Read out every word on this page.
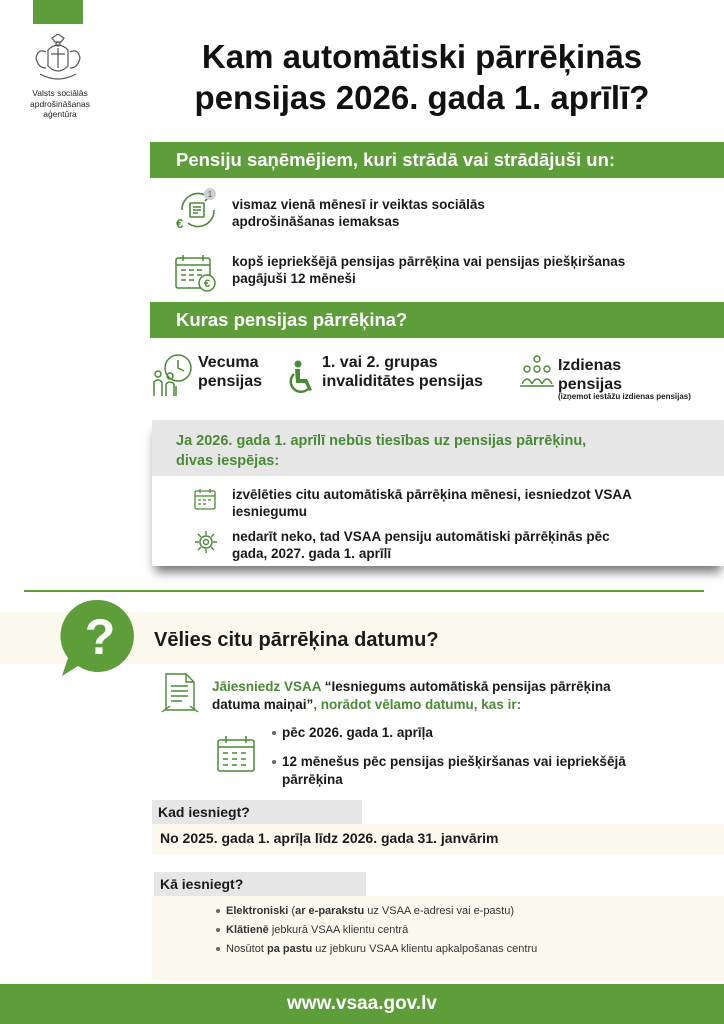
Valsts sociālās
apdrošināšanas
aģentūra
Kam automātiski pārrēķinās
pensijas 2026. gada 1. aprīlī?
Pensiju saņēmējiem, kuri strādā vai strādājuši un:
1
€
vismaz vienā mēnesī ir veiktas sociālās
apdrošināšanas iemaksas
€
kopš iepriekšējā pensijas pārrēķina vai pensijas piešķiršanas
pagājuši 12 mēneši
Kuras pensijas pārrēķina?
Vecuma
pensijas
1. vai 2. grupas
invaliditātes pensijas
Izdienas
pensijas
(izņemot iestāžu izdienas pensijas)
Ja 2026. gada 1. aprīlī nebūs tiesības uz pensijas pārrēķinu,
divas iespējas:
izvēlēties citu automātiskā pārrēķina mēnesi, iesniedzot VSAA
iesniegumu
nedarīt neko, tad VSAA pensiju automātiski pārrēķinās pēc
gada, 2027. gada 1. aprīlī
? Vēlies citu pārrēķina datumu?
Jāiesniedz VSAA “Iesniegums automātiskā pensijas pārrēķina
datuma maiņai”, norādot vēlamo datumu, kas ir:
pēc 2026. gada 1. aprīļa
12 mēnešus pēc pensijas piešķiršanas vai iepriekšējā
pārrēķina
Kad iesniegt?
No 2025. gada 1. aprīļa līdz 2026. gada 31. janvārim
Kā iesniegt?
Elektroniski (ar e-parakstu uz VSAA e-adresi vai e-pastu)
Klātienē jebkurā VSAA klientu centrā
Nosūtot pa pastu uz jebkuru VSAA klientu apkalpošanas centru
www.vsaa.gov.lv
